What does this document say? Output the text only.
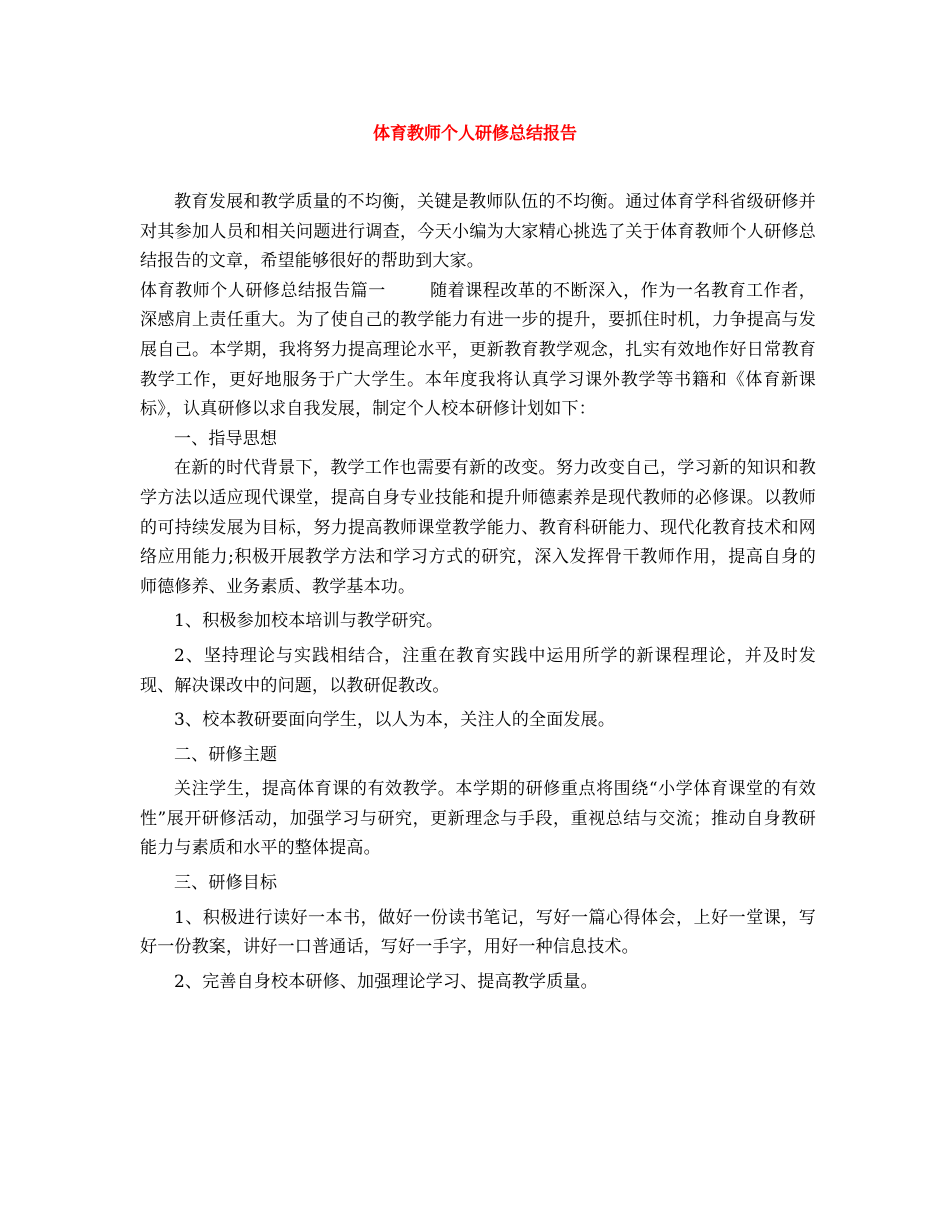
体育教师个人研修总结报告

教育发展和教学质量的不均衡，关键是教师队伍的不均衡。通过体育学科省级研修并对其参加人员和相关问题进行调查，今天小编为大家精心挑选了关于体育教师个人研修总结报告的文章，希望能够很好的帮助到大家。

体育教师个人研修总结报告篇一	随着课程改革的不断深入，作为一名教育工作者，深感肩上责任重大。为了使自己的教学能力有进一步的提升，要抓住时机，力争提高与发展自己。本学期，我将努力提高理论水平，更新教育教学观念，扎实有效地作好日常教育教学工作，更好地服务于广大学生。本年度我将认真学习课外教学等书籍和《体育新课标》，认真研修以求自我发展，制定个人校本研修计划如下：

一、指导思想

在新的时代背景下，教学工作也需要有新的改变。努力改变自己，学习新的知识和教学方法以适应现代课堂，提高自身专业技能和提升师德素养是现代教师的必修课。以教师的可持续发展为目标，努力提高教师课堂教学能力、教育科研能力、现代化教育技术和网络应用能力;积极开展教学方法和学习方式的研究，深入发挥骨干教师作用，提高自身的师德修养、业务素质、教学基本功。

1、积极参加校本培训与教学研究。

2、坚持理论与实践相结合，注重在教育实践中运用所学的新课程理论，并及时发现、解决课改中的问题，以教研促教改。

3、校本教研要面向学生，以人为本，关注人的全面发展。

二、研修主题

关注学生，提高体育课的有效教学。本学期的研修重点将围绕“小学体育课堂的有效性”展开研修活动，加强学习与研究，更新理念与手段，重视总结与交流；推动自身教研能力与素质和水平的整体提高。

三、研修目标

1、积极进行读好一本书，做好一份读书笔记，写好一篇心得体会，上好一堂课，写好一份教案，讲好一口普通话，写好一手字，用好一种信息技术。

2、完善自身校本研修、加强理论学习、提高教学质量。
